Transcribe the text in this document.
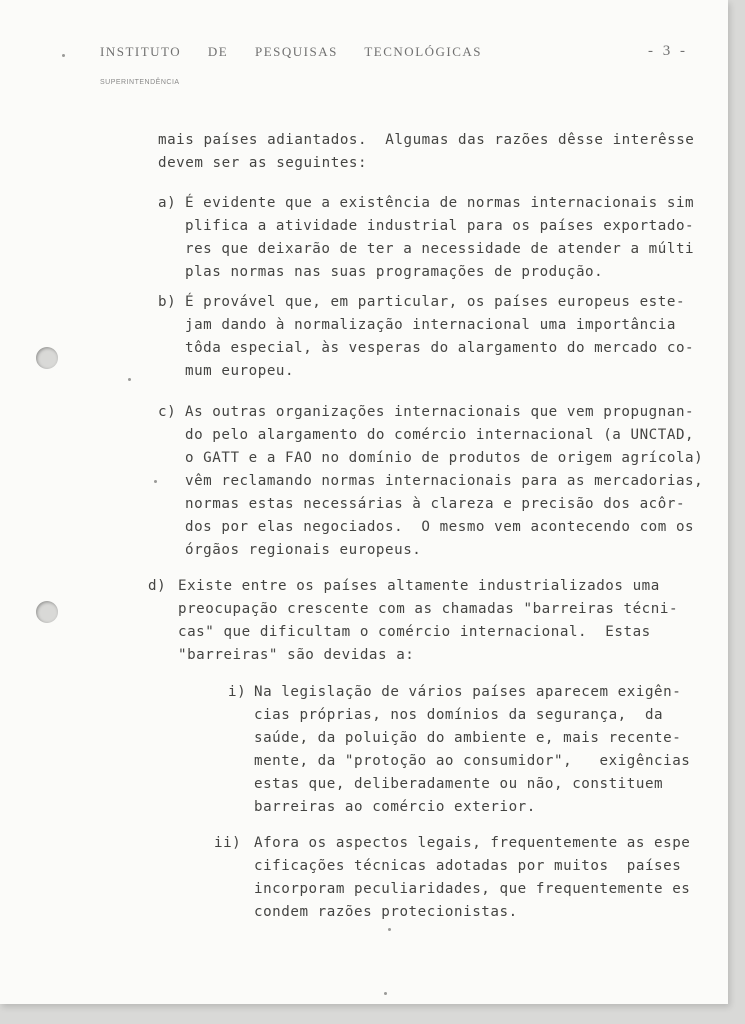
INSTITUTO DE PESQUISAS TECNOLÓGICAS	- 3 -
SUPERINTENDÊNCIA
mais países adiantados.  Algumas das razões dêsse interêsse
devem ser as seguintes:
a) É evidente que a existência de normas internacionais sim
plifica a atividade industrial para os países exportado-
res que deixarão de ter a necessidade de atender a múlti
plas normas nas suas programações de produção.
b) É provável que, em particular, os países europeus este-
jam dando à normalização internacional uma importância
tôda especial, às vesperas do alargamento do mercado co-
mum europeu.
c) As outras organizações internacionais que vem propugnan-
do pelo alargamento do comércio internacional (a UNCTAD,
o GATT e a FAO no domínio de produtos de origem agrícola)
vêm reclamando normas internacionais para as mercadorias,
normas estas necessárias à clareza e precisão dos acôr-
dos por elas negociados.  O mesmo vem acontecendo com os
órgãos regionais europeus.
d) Existe entre os países altamente industrializados uma
preocupação crescente com as chamadas "barreiras técni-
cas" que dificultam o comércio internacional.  Estas
"barreiras" são devidas a:
i) Na legislação de vários países aparecem exigên-
cias próprias, nos domínios da segurança,  da
saúde, da poluição do ambiente e, mais recente-
mente, da "protoção ao consumidor",   exigências
estas que, deliberadamente ou não, constituem
barreiras ao comércio exterior.
ii) Afora os aspectos legais, frequentemente as espe
cificações técnicas adotadas por muitos  países
incorporam peculiaridades, que frequentemente es
condem razões protecionistas.
